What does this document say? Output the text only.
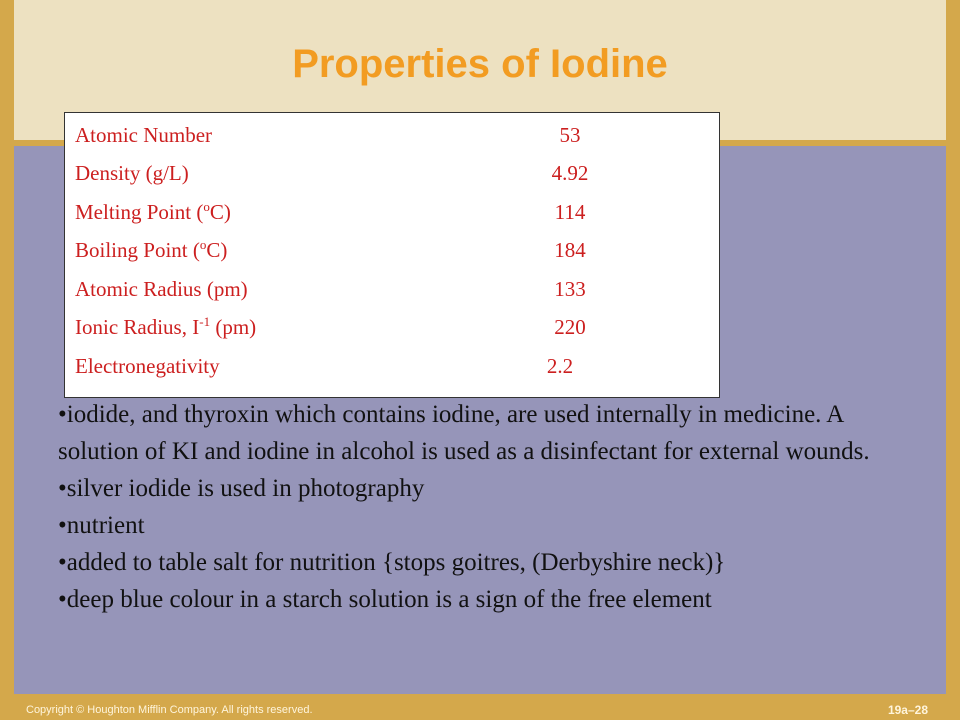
Properties of Iodine
Atomic Number	53
Density (g/L)	4.92
Melting Point ($^o$C)	114
Boiling Point ($^o$C)	184
Atomic Radius (pm)	133
Ionic Radius, $I^{-1}$ (pm)	220
Electronegativity	2.2
•iodide, and thyroxin which contains iodine, are used internally in medicine. A solution of KI and iodine in alcohol is used as a disinfectant for external wounds.
•silver iodide is used in photography
•nutrient
•added to table salt for nutrition {stops goitres, (Derbyshire neck)}
•deep blue colour in a starch solution is a sign of the free element
Copyright © Houghton Mifflin Company. All rights reserved.	19a–28
